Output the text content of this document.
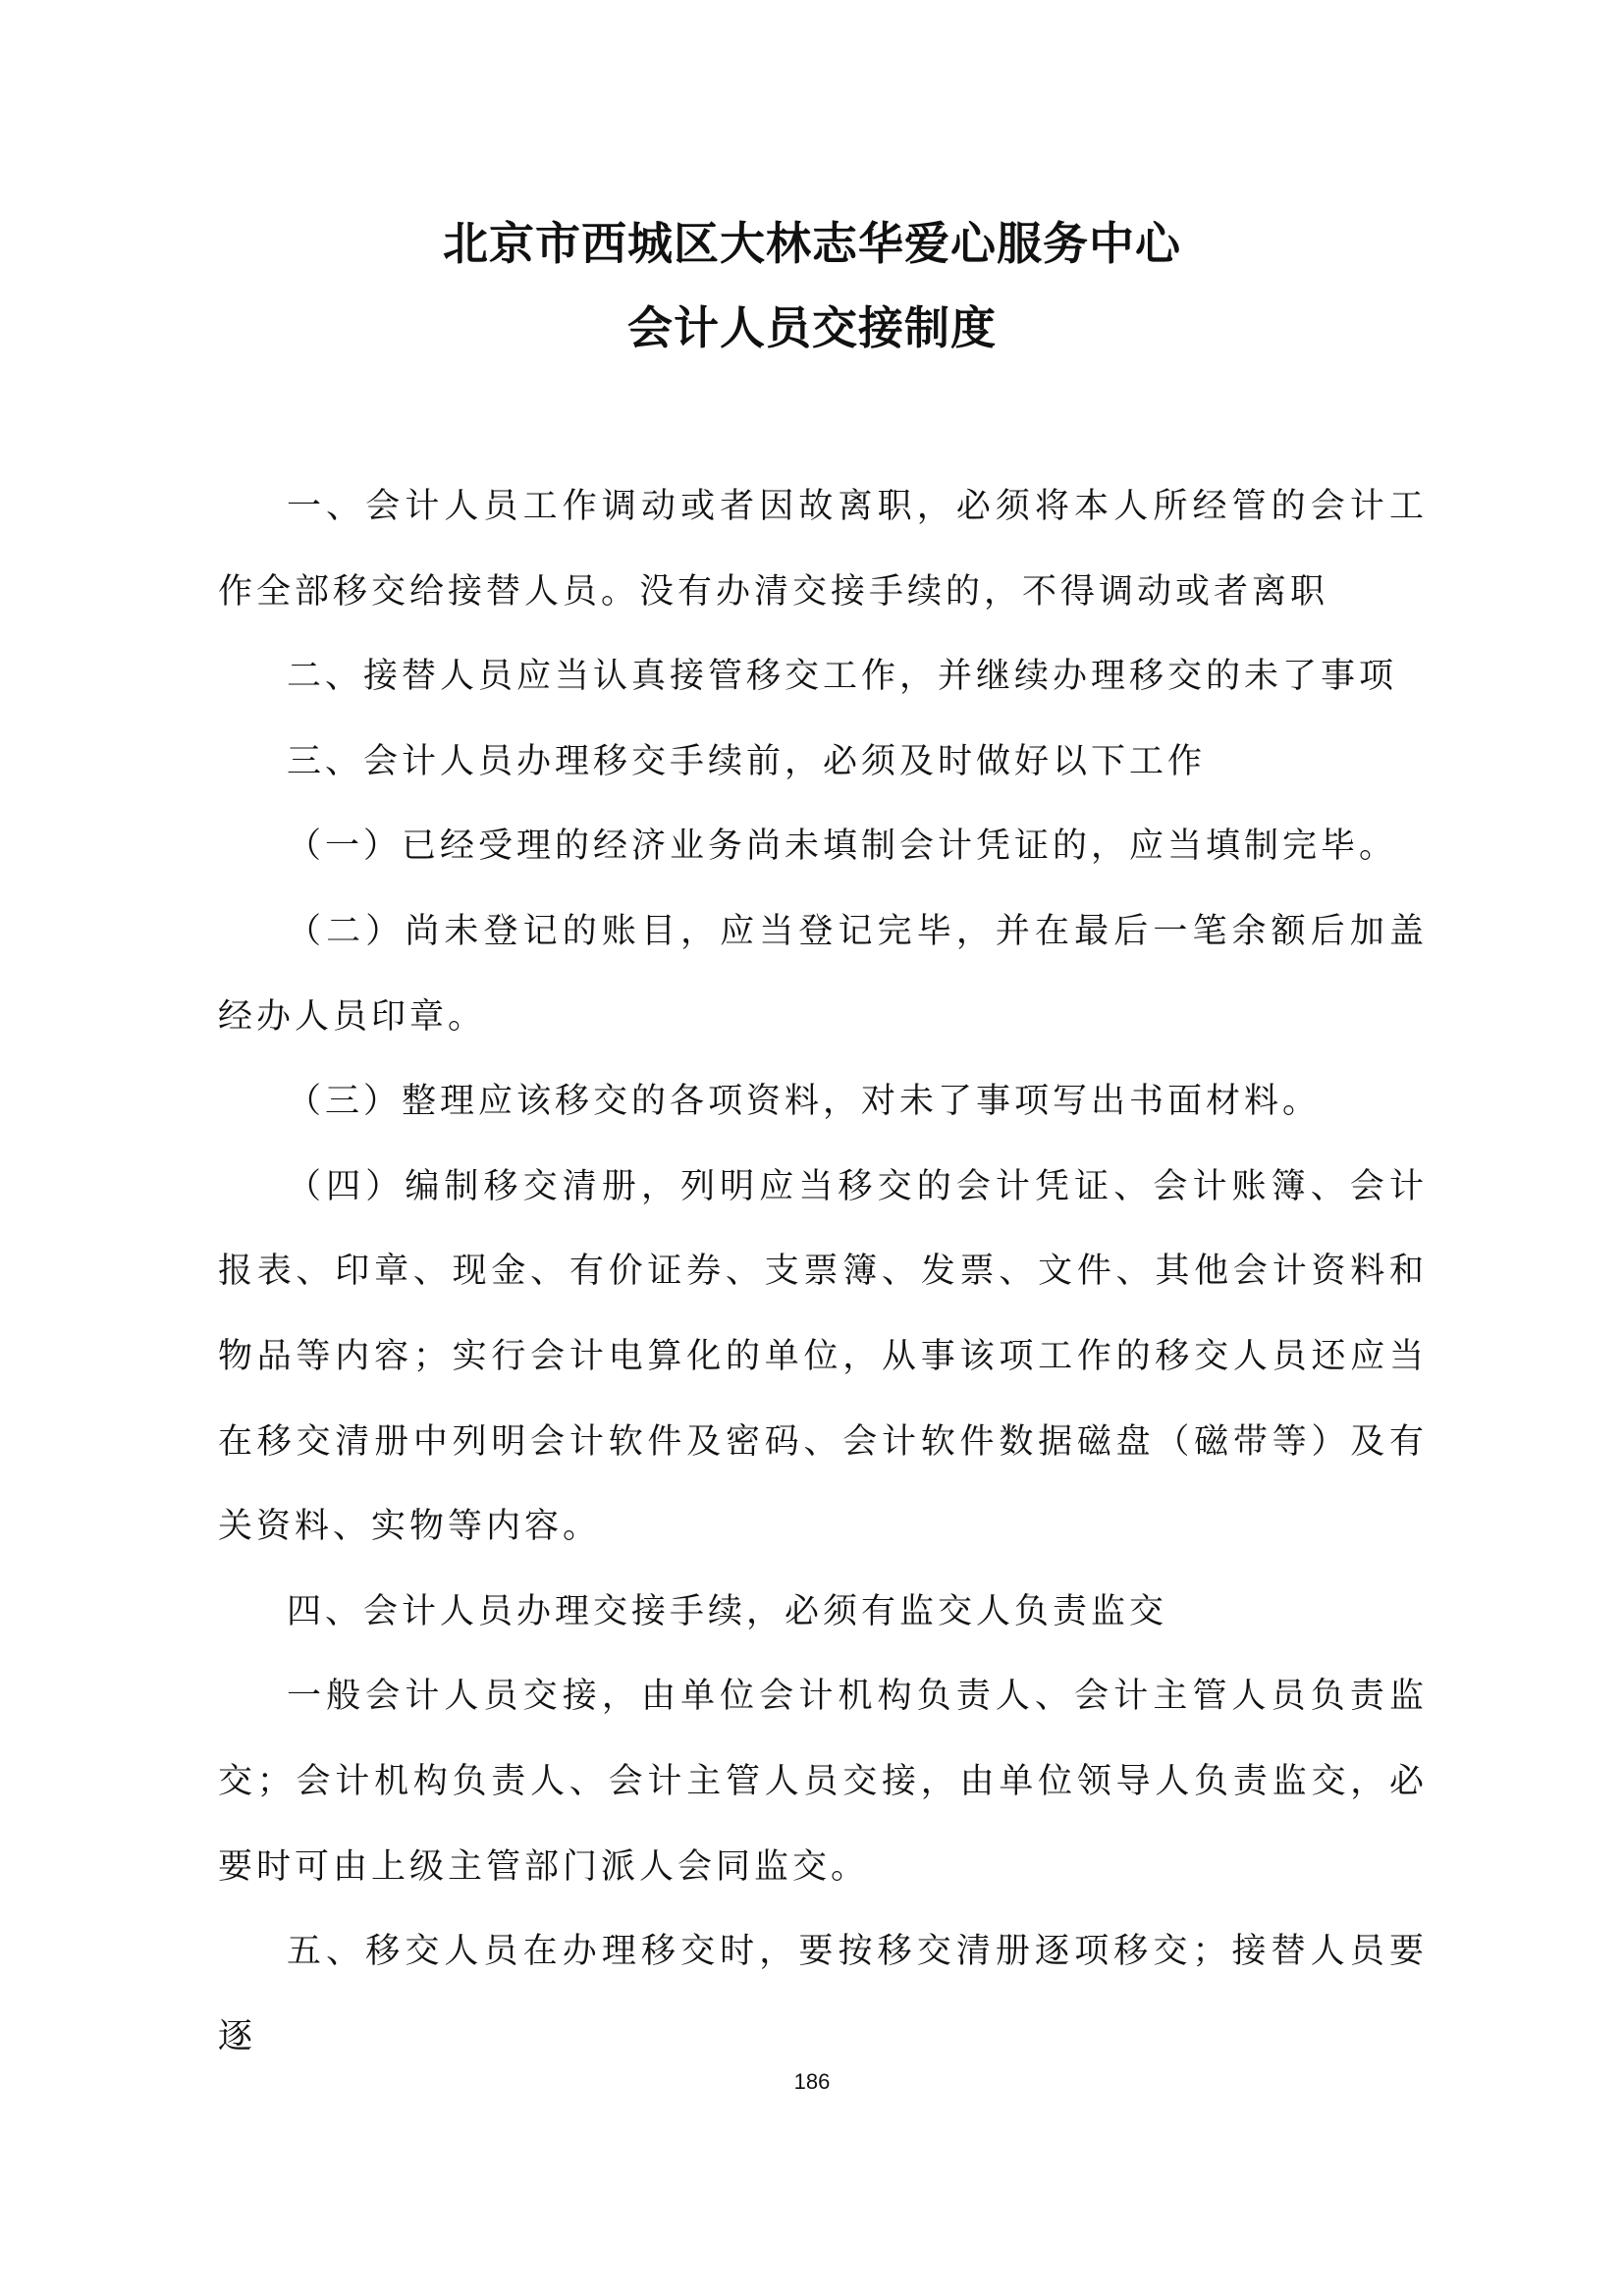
北京市西城区大林志华爱心服务中心
会计人员交接制度

一、会计人员工作调动或者因故离职，必须将本人所经管的会计工作全部移交给接替人员。没有办清交接手续的，不得调动或者离职

二、接替人员应当认真接管移交工作，并继续办理移交的未了事项

三、会计人员办理移交手续前，必须及时做好以下工作

（一）已经受理的经济业务尚未填制会计凭证的，应当填制完毕。

（二）尚未登记的账目，应当登记完毕，并在最后一笔余额后加盖经办人员印章。

（三）整理应该移交的各项资料，对未了事项写出书面材料。

（四）编制移交清册，列明应当移交的会计凭证、会计账簿、会计报表、印章、现金、有价证券、支票簿、发票、文件、其他会计资料和物品等内容；实行会计电算化的单位，从事该项工作的移交人员还应当在移交清册中列明会计软件及密码、会计软件数据磁盘（磁带等）及有关资料、实物等内容。

四、会计人员办理交接手续，必须有监交人负责监交

一般会计人员交接，由单位会计机构负责人、会计主管人员负责监交；会计机构负责人、会计主管人员交接，由单位领导人负责监交，必要时可由上级主管部门派人会同监交。

五、移交人员在办理移交时，要按移交清册逐项移交；接替人员要逐

186
